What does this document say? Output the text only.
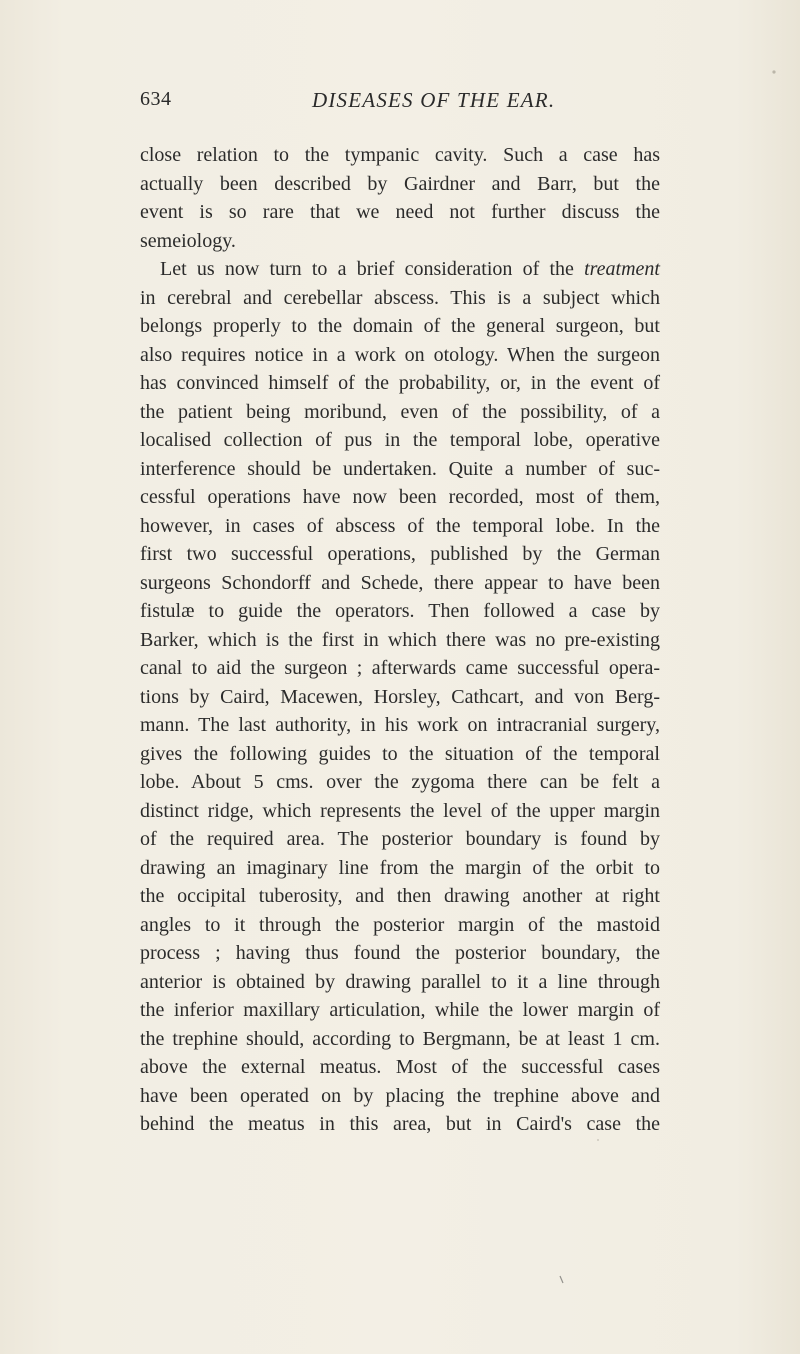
634	DISEASES OF THE EAR.
close relation to the tympanic cavity. Such a case has
actually been described by Gairdner and Barr, but the
event is so rare that we need not further discuss the
semeiology.
Let us now turn to a brief consideration of the treatment
in cerebral and cerebellar abscess. This is a subject which
belongs properly to the domain of the general surgeon, but
also requires notice in a work on otology. When the surgeon
has convinced himself of the probability, or, in the event of
the patient being moribund, even of the possibility, of a
localised collection of pus in the temporal lobe, operative
interference should be undertaken. Quite a number of suc-
cessful operations have now been recorded, most of them,
however, in cases of abscess of the temporal lobe. In the
first two successful operations, published by the German
surgeons Schondorff and Schede, there appear to have been
fistulæ to guide the operators. Then followed a case by
Barker, which is the first in which there was no pre-existing
canal to aid the surgeon ; afterwards came successful opera-
tions by Caird, Macewen, Horsley, Cathcart, and von Berg-
mann. The last authority, in his work on intracranial surgery,
gives the following guides to the situation of the temporal
lobe. About 5 cms. over the zygoma there can be felt a
distinct ridge, which represents the level of the upper margin
of the required area. The posterior boundary is found by
drawing an imaginary line from the margin of the orbit to
the occipital tuberosity, and then drawing another at right
angles to it through the posterior margin of the mastoid
process ; having thus found the posterior boundary, the
anterior is obtained by drawing parallel to it a line through
the inferior maxillary articulation, while the lower margin of
the trephine should, according to Bergmann, be at least 1 cm.
above the external meatus. Most of the successful cases
have been operated on by placing the trephine above and
behind the meatus in this area, but in Caird's case the
